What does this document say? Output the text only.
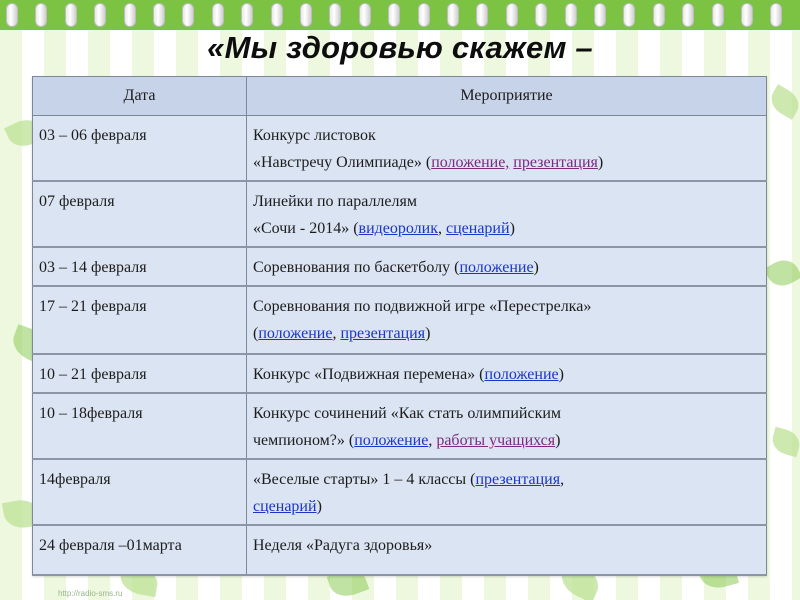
«Мы здоровью скажем –
Дата	Мероприятие
03 – 06 февраля	Конкурс листовок
«Навстречу Олимпиаде» (положение, презентация)
07 февраля	Линейки по параллелям
«Сочи - 2014» (видеоролик, сценарий)
03 – 14 февраля	Соревнования по баскетболу (положение)
17 – 21 февраля	Соревнования по подвижной игре «Перестрелка»
(положение, презентация)
10 – 21 февраля	Конкурс «Подвижная перемена» (положение)
10 – 18февраля	Конкурс сочинений «Как стать олимпийским
чемпионом?» (положение, работы учащихся)
14февраля	«Веселые старты» 1 – 4 классы (презентация,
сценарий)
24 февраля –01марта	Неделя «Радуга здоровья»
http://radio-sms.ru
